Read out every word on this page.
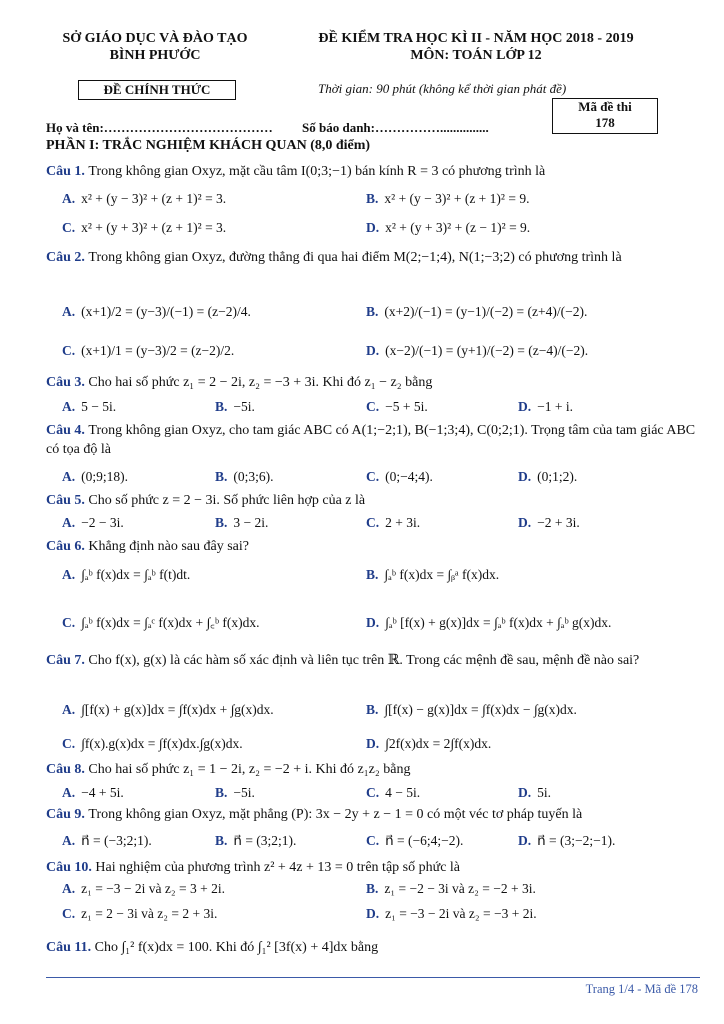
SỞ GIÁO DỤC VÀ ĐÀO TẠO
BÌNH PHƯỚC
ĐỀ KIỂM TRA HỌC KÌ II - NĂM HỌC 2018 - 2019
MÔN: TOÁN LỚP 12
ĐỀ CHÍNH THỨC	Thời gian: 90 phút (không kể thời gian phát đề)
Mã đề thi
178
Họ và tên:………………………………… Số báo danh:……………...............
PHẦN I: TRẮC NGHIỆM KHÁCH QUAN (8,0 điểm)
Câu 1. Trong không gian Oxyz, mặt cầu tâm I(0;3;−1) bán kính R = 3 có phương trình là
A. x² + (y − 3)² + (z + 1)² = 3.	B. x² + (y − 3)² + (z + 1)² = 9.
C. x² + (y + 3)² + (z + 1)² = 3.	D. x² + (y + 3)² + (z − 1)² = 9.
Câu 2. Trong không gian Oxyz, đường thẳng đi qua hai điểm M(2;−1;4), N(1;−3;2) có phương trình là
A. (x+1)/2 = (y−3)/(−1) = (z−2)/4.	B. (x+2)/(−1) = (y−1)/(−2) = (z+4)/(−2).
C. (x+1)/1 = (y−3)/2 = (z−2)/2.	D. (x−2)/(−1) = (y+1)/(−2) = (z−4)/(−2).
Câu 3. Cho hai số phức z₁ = 2 − 2i, z₂ = −3 + 3i. Khi đó z₁ − z₂ bằng
A. 5 − 5i.	B. −5i.	C. −5 + 5i.	D. −1 + i.
Câu 4. Trong không gian Oxyz, cho tam giác ABC có A(1;−2;1), B(−1;3;4), C(0;2;1). Trọng tâm của tam giác ABC có tọa độ là
A. (0;9;18).	B. (0;3;6).	C. (0;−4;4).	D. (0;1;2).
Câu 5. Cho số phức z = 2 − 3i. Số phức liên hợp của z là
A. −2 − 3i.	B. 3 − 2i.	C. 2 + 3i.	D. −2 + 3i.
Câu 6. Khẳng định nào sau đây sai?
A. ∫ₐᵇ f(x)dx = ∫ₐᵇ f(t)dt.	B. ∫ₐᵇ f(x)dx = ∫ᵦᵃ f(x)dx.
C. ∫ₐᵇ f(x)dx = ∫ₐᶜ f(x)dx + ∫꜀ᵇ f(x)dx.	D. ∫ₐᵇ [f(x) + g(x)]dx = ∫ₐᵇ f(x)dx + ∫ₐᵇ g(x)dx.
Câu 7. Cho f(x), g(x) là các hàm số xác định và liên tục trên ℝ. Trong các mệnh đề sau, mệnh đề nào sai?
A. ∫[f(x) + g(x)]dx = ∫f(x)dx + ∫g(x)dx.	B. ∫[f(x) − g(x)]dx = ∫f(x)dx − ∫g(x)dx.
C. ∫f(x).g(x)dx = ∫f(x)dx.∫g(x)dx.	D. ∫2f(x)dx = 2∫f(x)dx.
Câu 8. Cho hai số phức z₁ = 1 − 2i, z₂ = −2 + i. Khi đó z₁z₂ bằng
A. −4 + 5i.	B. −5i.	C. 4 − 5i.	D. 5i.
Câu 9. Trong không gian Oxyz, mặt phẳng (P): 3x − 2y + z − 1 = 0 có một véc tơ pháp tuyến là
A. n⃗ = (−3;2;1).	B. n⃗ = (3;2;1).	C. n⃗ = (−6;4;−2).	D. n⃗ = (3;−2;−1).
Câu 10. Hai nghiệm của phương trình z² + 4z + 13 = 0 trên tập số phức là
A. z₁ = −3 − 2i và z₂ = 3 + 2i.	B. z₁ = −2 − 3i và z₂ = −2 + 3i.
C. z₁ = 2 − 3i và z₂ = 2 + 3i.	D. z₁ = −3 − 2i và z₂ = −3 + 2i.
Câu 11. Cho ∫₁² f(x)dx = 100. Khi đó ∫₁² [3f(x) + 4]dx bằng
Trang 1/4 - Mã đề 178
